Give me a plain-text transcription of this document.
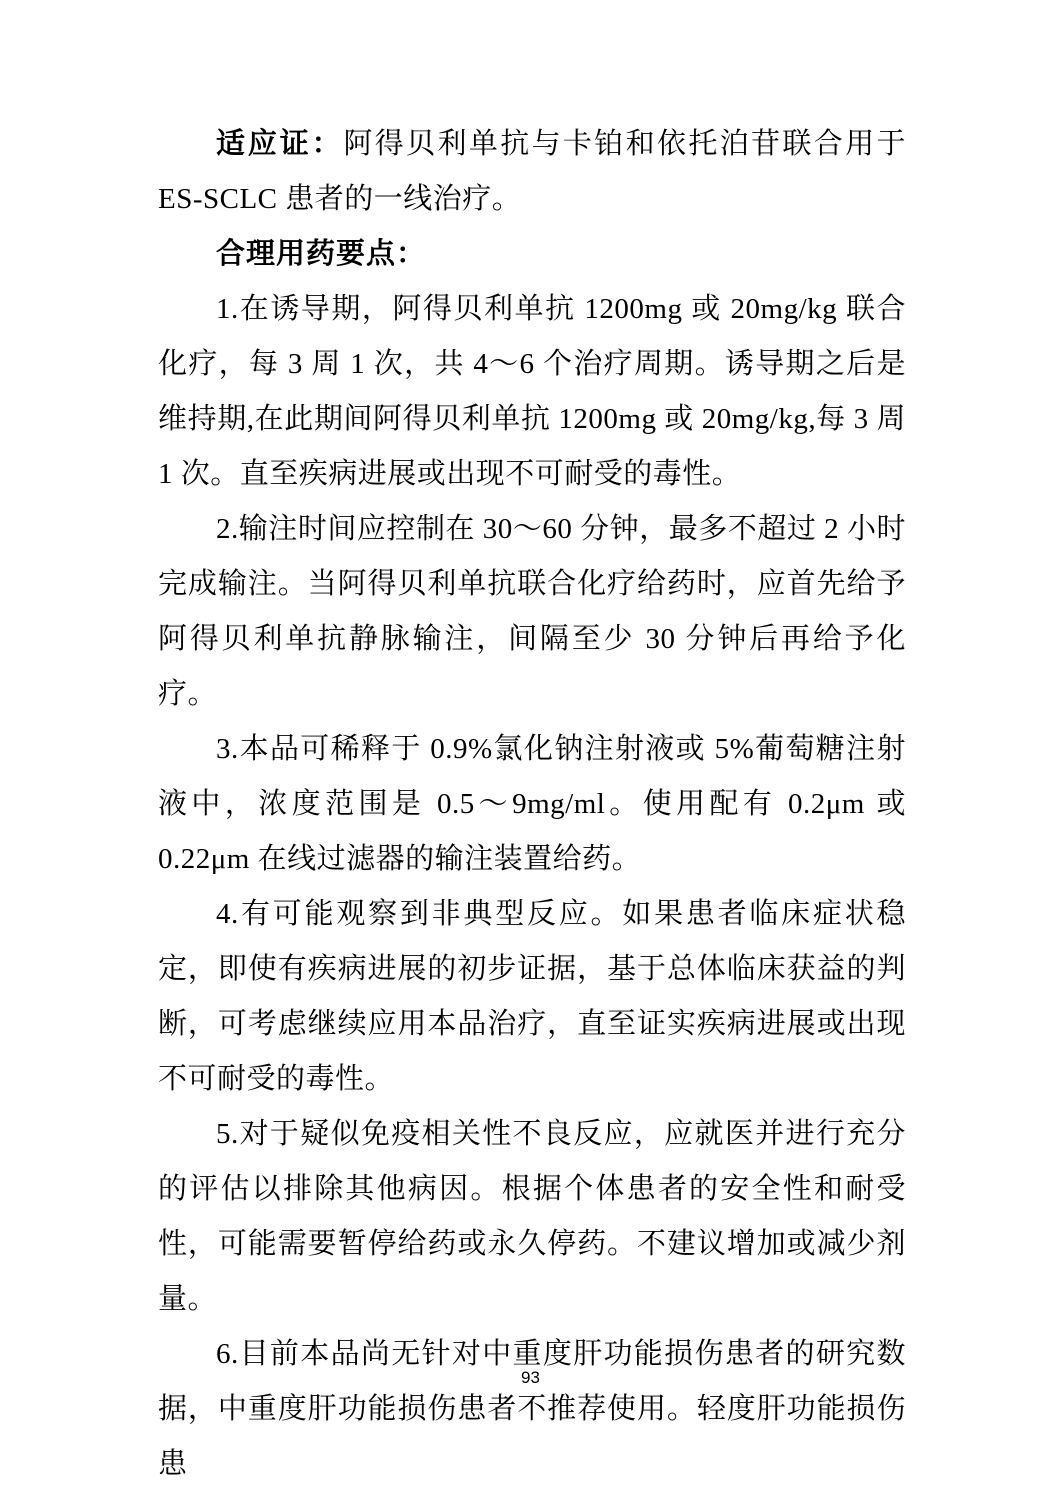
适应证：阿得贝利单抗与卡铂和依托泊苷联合用于 ES-SCLC 患者的一线治疗。

合理用药要点：

1.在诱导期，阿得贝利单抗 1200mg 或 20mg/kg 联合化疗，每 3 周 1 次，共 4～6 个治疗周期。诱导期之后是维持期,在此期间阿得贝利单抗 1200mg 或 20mg/kg,每 3 周 1 次。直至疾病进展或出现不可耐受的毒性。

2.输注时间应控制在 30～60 分钟，最多不超过 2 小时完成输注。当阿得贝利单抗联合化疗给药时，应首先给予阿得贝利单抗静脉输注，间隔至少 30 分钟后再给予化疗。

3.本品可稀释于 0.9%氯化钠注射液或 5%葡萄糖注射液中，浓度范围是 0.5～9mg/ml。使用配有 0.2μm 或 0.22μm 在线过滤器的输注装置给药。

4.有可能观察到非典型反应。如果患者临床症状稳定，即使有疾病进展的初步证据，基于总体临床获益的判断，可考虑继续应用本品治疗，直至证实疾病进展或出现不可耐受的毒性。

5.对于疑似免疫相关性不良反应，应就医并进行充分的评估以排除其他病因。根据个体患者的安全性和耐受性，可能需要暂停给药或永久停药。不建议增加或减少剂量。

6.目前本品尚无针对中重度肝功能损伤患者的研究数据，中重度肝功能损伤患者不推荐使用。轻度肝功能损伤患

93
